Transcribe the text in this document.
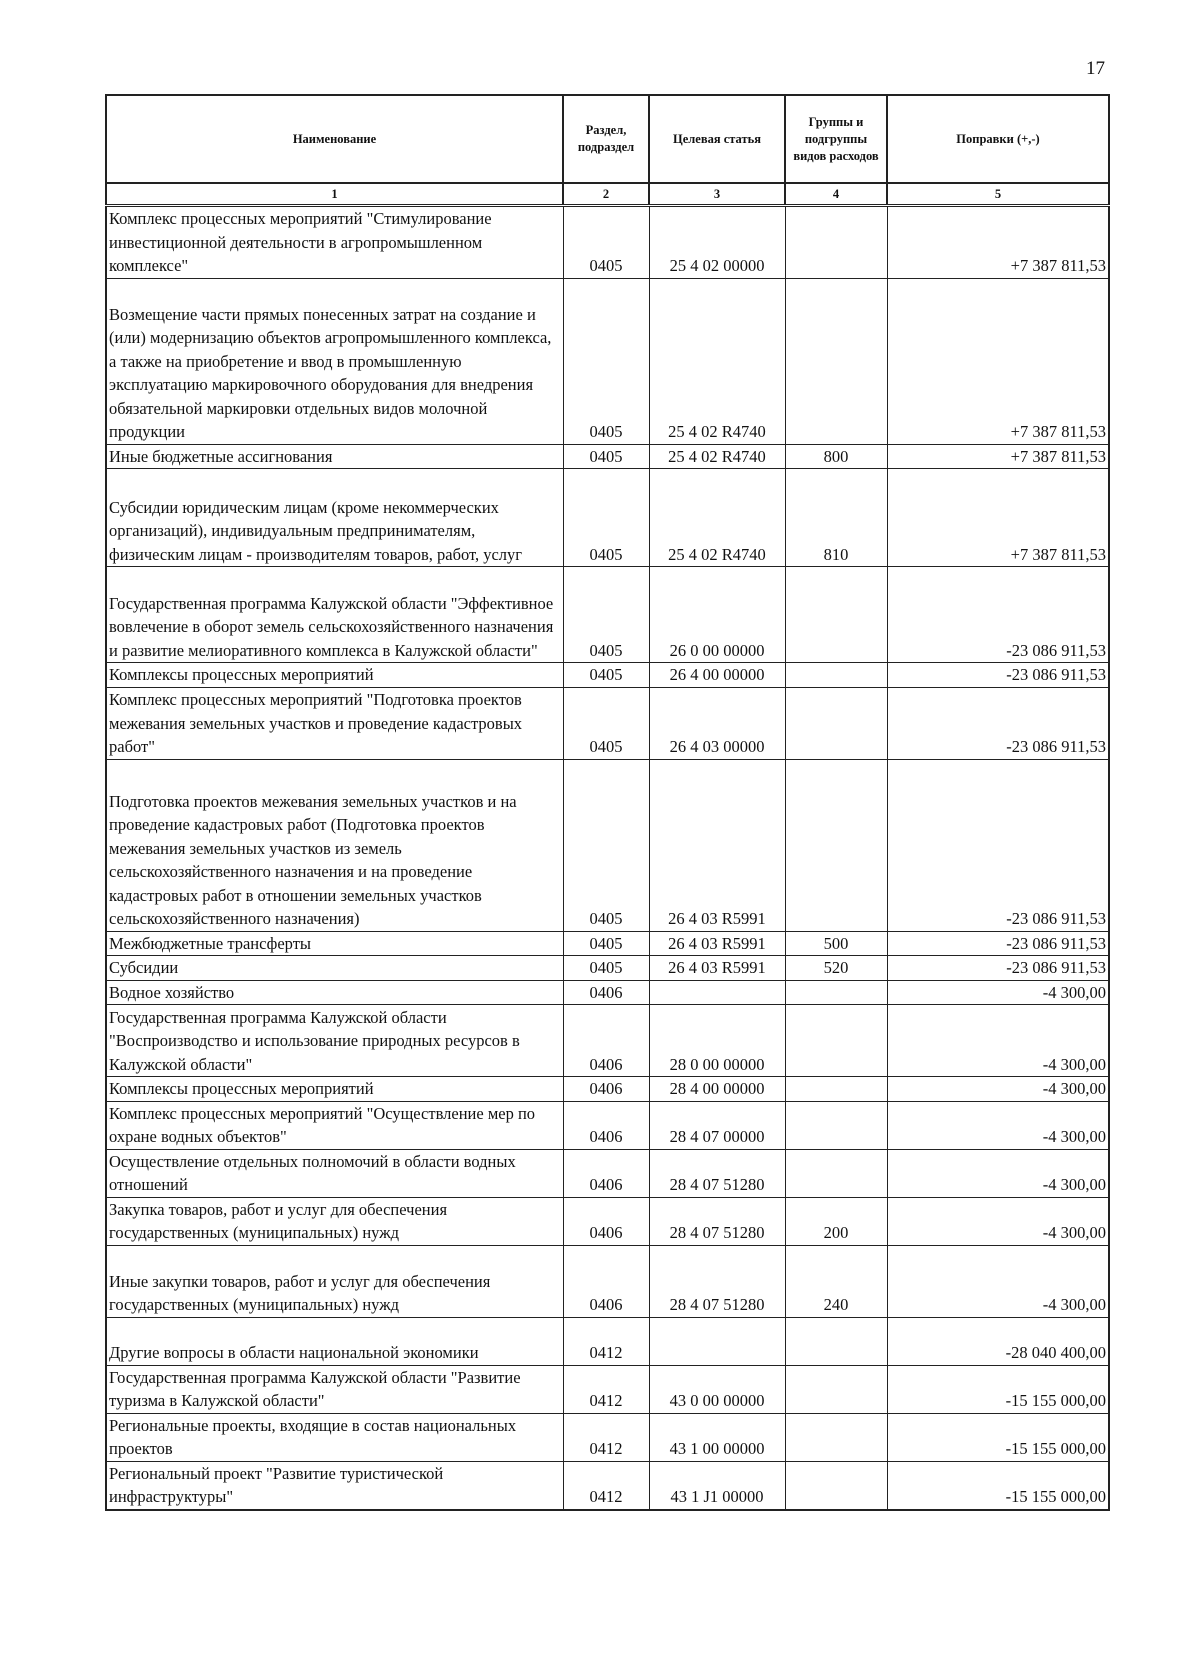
17
Наименование	Раздел, подраздел	Целевая статья	Группы и подгруппы видов расходов	Поправки (+,-)
1	2	3	4	5
Комплекс процессных мероприятий "Стимулирование инвестиционной деятельности в агропромышленном комплексе"	0405	25 4 02 00000		+7 387 811,53
Возмещение части прямых понесенных затрат на создание и (или) модернизацию объектов агропромышленного комплекса, а также на приобретение и ввод в промышленную эксплуатацию маркировочного оборудования для внедрения обязательной маркировки отдельных видов молочной продукции	0405	25 4 02 R4740		+7 387 811,53
Иные бюджетные ассигнования	0405	25 4 02 R4740	800	+7 387 811,53
Субсидии юридическим лицам (кроме некоммерческих организаций), индивидуальным предпринимателям, физическим лицам - производителям товаров, работ, услуг	0405	25 4 02 R4740	810	+7 387 811,53
Государственная программа Калужской области "Эффективное вовлечение в оборот земель сельскохозяйственного назначения и развитие мелиоративного комплекса в Калужской области"	0405	26 0 00 00000		-23 086 911,53
Комплексы процессных мероприятий	0405	26 4 00 00000		-23 086 911,53
Комплекс процессных мероприятий "Подготовка проектов межевания земельных участков и проведение кадастровых работ"	0405	26 4 03 00000		-23 086 911,53
Подготовка проектов межевания земельных участков и на проведение кадастровых работ (Подготовка проектов межевания земельных участков из земель сельскохозяйственного назначения и на проведение кадастровых работ в отношении земельных участков сельскохозяйственного назначения)	0405	26 4 03 R5991		-23 086 911,53
Межбюджетные трансферты	0405	26 4 03 R5991	500	-23 086 911,53
Субсидии	0405	26 4 03 R5991	520	-23 086 911,53
Водное хозяйство	0406			-4 300,00
Государственная программа Калужской области "Воспроизводство и использование природных ресурсов в Калужской области"	0406	28 0 00 00000		-4 300,00
Комплексы процессных мероприятий	0406	28 4 00 00000		-4 300,00
Комплекс процессных мероприятий "Осуществление мер по охране водных объектов"	0406	28 4 07 00000		-4 300,00
Осуществление отдельных полномочий в области водных отношений	0406	28 4 07 51280		-4 300,00
Закупка товаров, работ и услуг для обеспечения государственных (муниципальных) нужд	0406	28 4 07 51280	200	-4 300,00
Иные закупки товаров, работ и услуг для обеспечения государственных (муниципальных) нужд	0406	28 4 07 51280	240	-4 300,00
Другие вопросы в области национальной экономики	0412			-28 040 400,00
Государственная программа Калужской области "Развитие туризма в Калужской области"	0412	43 0 00 00000		-15 155 000,00
Региональные проекты, входящие в состав национальных проектов	0412	43 1 00 00000		-15 155 000,00
Региональный проект "Развитие туристической инфраструктуры"	0412	43 1 J1 00000		-15 155 000,00
